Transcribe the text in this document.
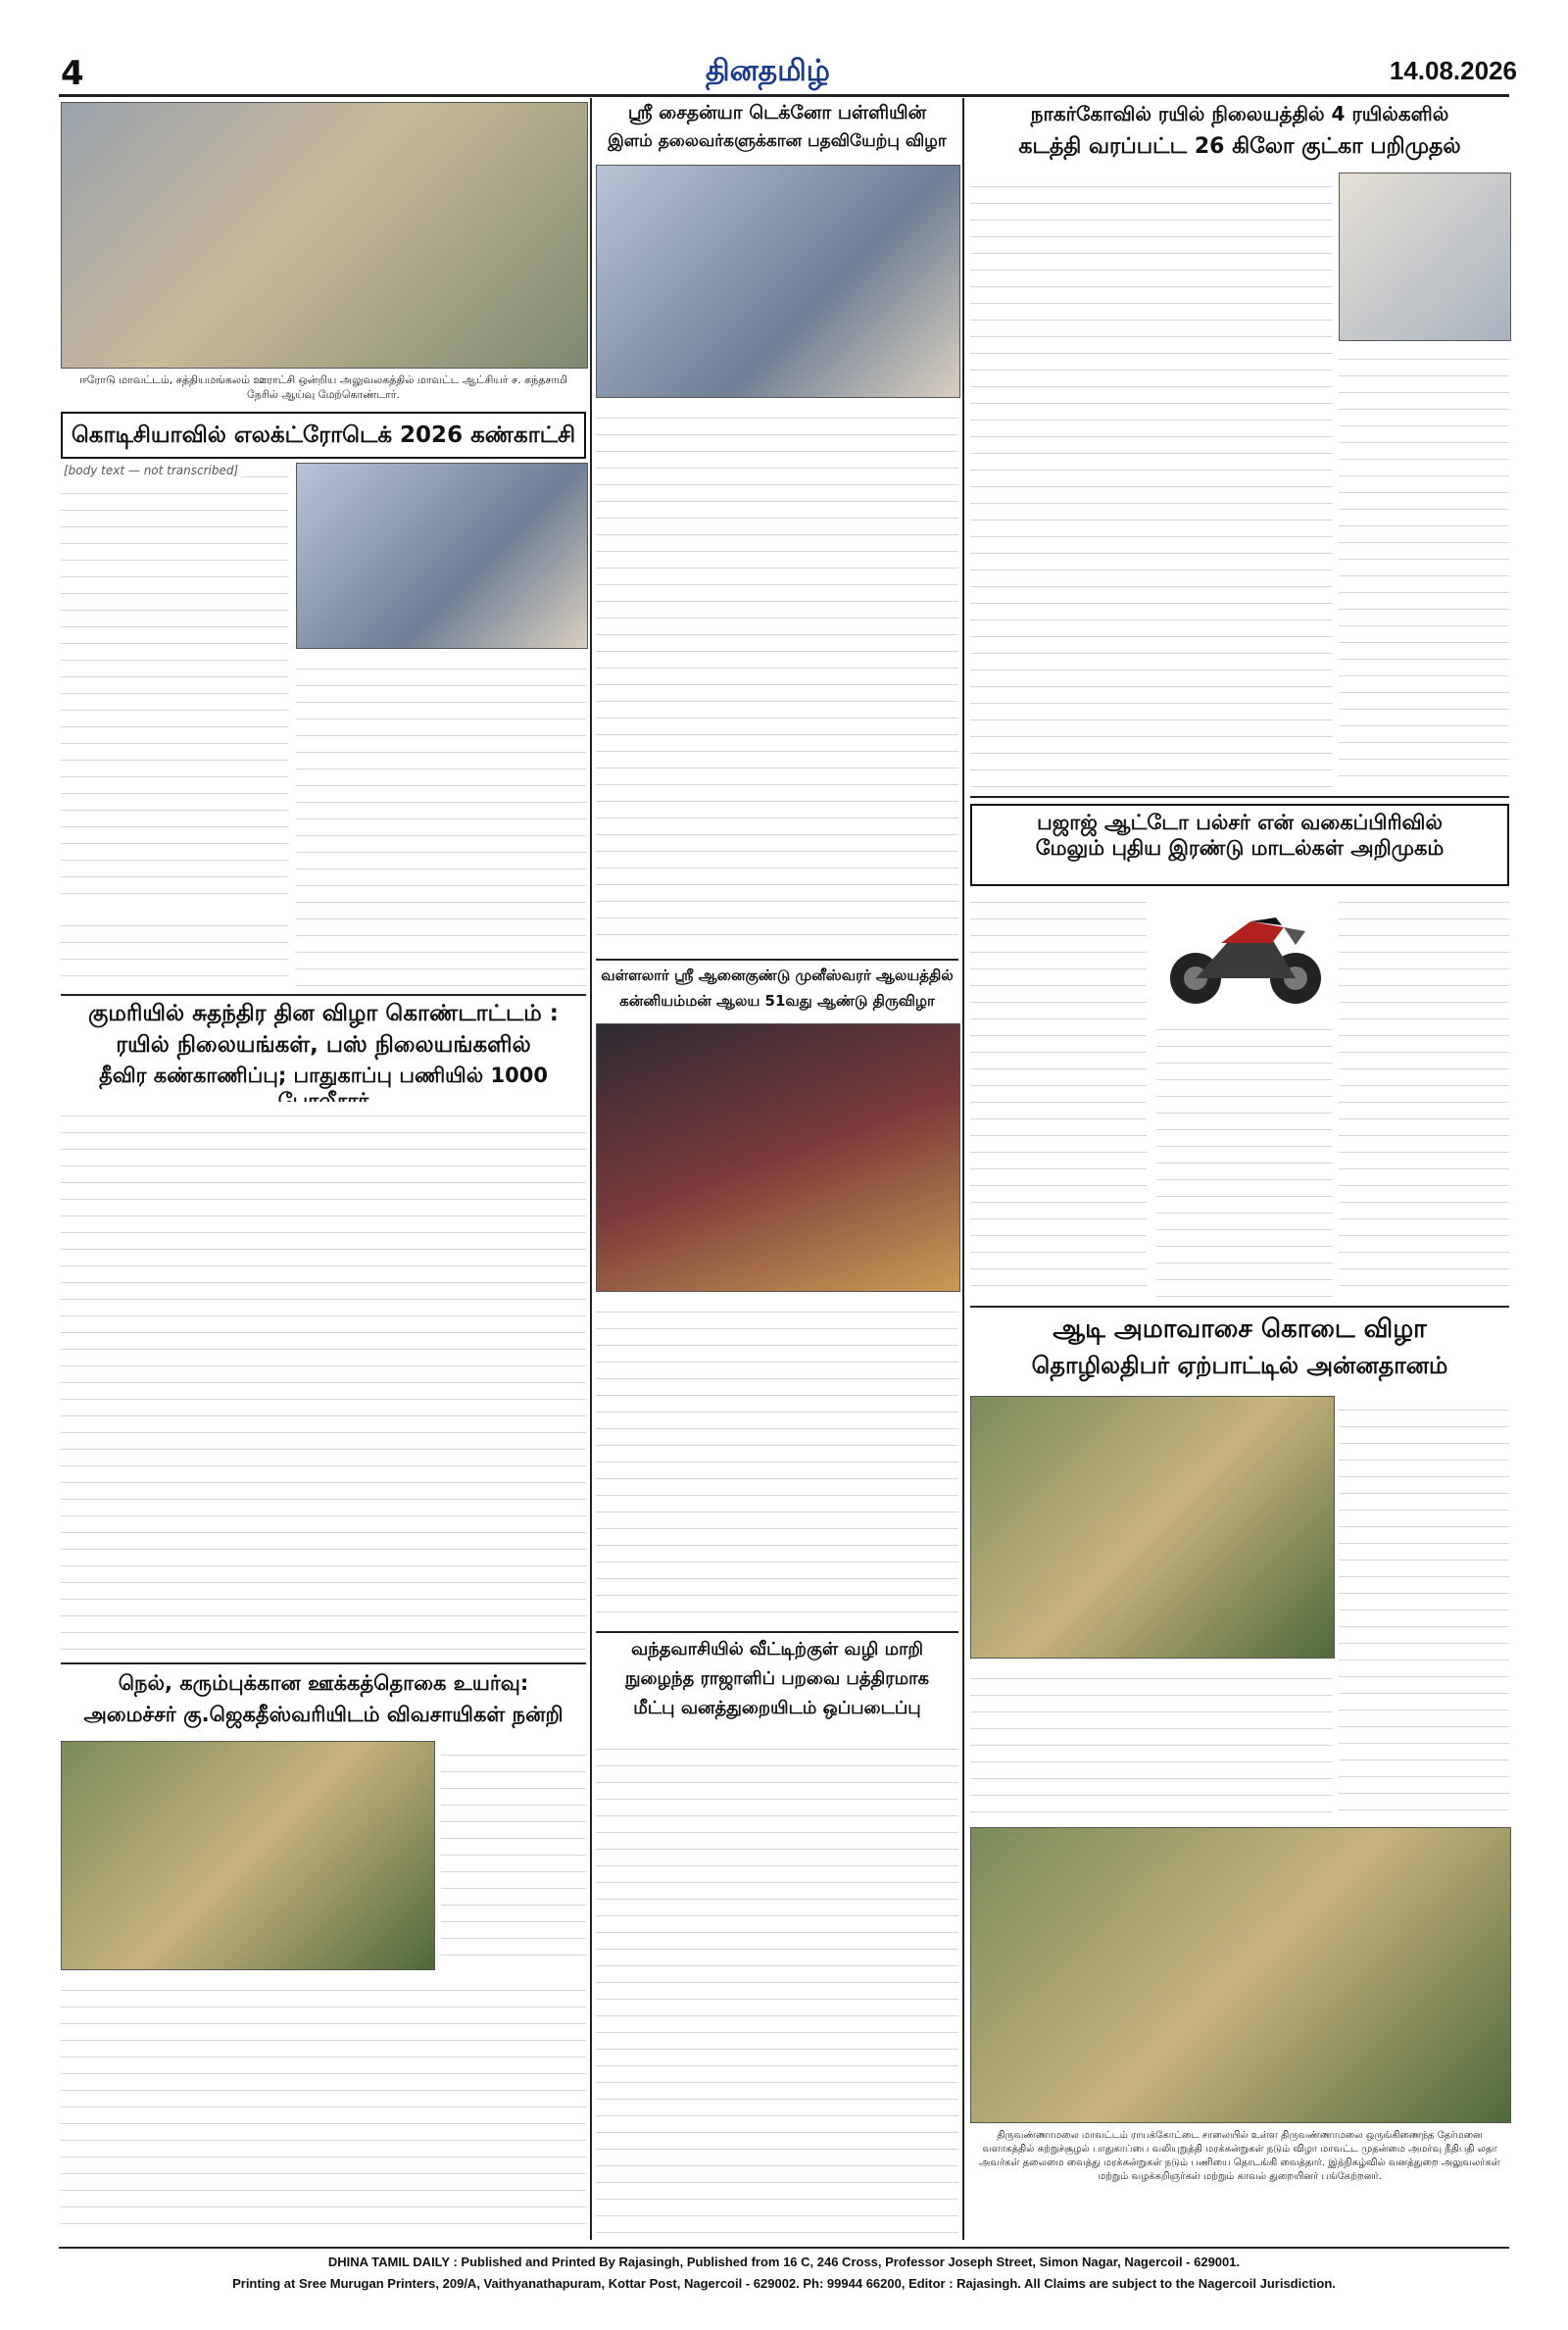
4	தினதமிழ்	14.08.2026
ஈரோடு மாவட்டம், சத்தியமங்கலம் ஊராட்சி ஒன்றிய அலுவலகத்தில் மாவட்ட ஆட்சியர் ச. கந்தசாமி நேரில் ஆய்வு மேற்கொண்டார்.
கொடிசியாவில் எலக்ட்ரோடெக் 2026 கண்காட்சி
[body text — not transcribed]
குமரியில் சுதந்திர தின விழா கொண்டாட்டம் :
ரயில் நிலையங்கள், பஸ் நிலையங்களில்
தீவிர கண்காணிப்பு; பாதுகாப்பு பணியில் 1000
நெல், கரும்புக்கான ஊக்கத்தொகை உயர்வு:
அமைச்சர் கு.ஜெகதீஸ்வரியிடம் விவசாயிகள் நன்றி
ஸ்ரீ சைதன்யா டெக்னோ பள்ளியின்
இளம் தலைவர்களுக்கான பதவியேற்பு விழா
வள்ளலார் ஸ்ரீ ஆனைகுண்டு முனீஸ்வரர் ஆலயத்தில்
கன்னியம்மன் ஆலய 51வது ஆண்டு திருவிழா
வந்தவாசியில் வீட்டிற்குள் வழி மாறி
நுழைந்த ராஜாளிப் பறவை பத்திரமாக
மீட்பு வனத்துறையிடம் ஒப்படைப்பு
நாகர்கோவில் ரயில் நிலையத்தில் 4 ரயில்களில்
கடத்தி வரப்பட்ட 26 கிலோ குட்கா பறிமுதல்
பஜாஜ் ஆட்டோ பல்சர் என் வகைப்பிரிவில்
மேலும் புதிய இரண்டு மாடல்கள் அறிமுகம்
ஆடி அமாவாசை கொடை விழா
தொழிலதிபர் ஏற்பாட்டில் அன்னதானம்
திருவண்ணாமலை மாவட்டம் ராயக்கோட்டை சாலையில் உள்ள திருவண்ணாமலை ஒருங்கிணைந்த தேர்மனை வளாகத்தில் சுற்றுச்சூழல் பாதுகாப்பை வலியுறுத்தி மரக்கன்றுகள் நடும் விழா மாவட்ட முதன்மை அமர்வு நீதிபதி லதா அவர்கள் தலைமை வைத்து மரக்கன்றுகள் நடும் பணியை தொடங்கி வைத்தார். இந்நிகழ்வில் வனத்துறை அலுவலர்கள் மற்றும் வழக்கறிஞர்கள் மற்றும் காவல் துறையினர் பங்கேற்றனர்.
DHINA TAMIL DAILY : Published and Printed By Rajasingh, Published from 16 C, 246 Cross, Professor Joseph Street, Simon Nagar, Nagercoil - 629001.
Printing at Sree Murugan Printers, 209/A, Vaithyanathapuram, Kottar Post, Nagercoil - 629002. Ph: 99944 66200, Editor : Rajasingh. All Claims are subject to the Nagercoil Jurisdiction.
